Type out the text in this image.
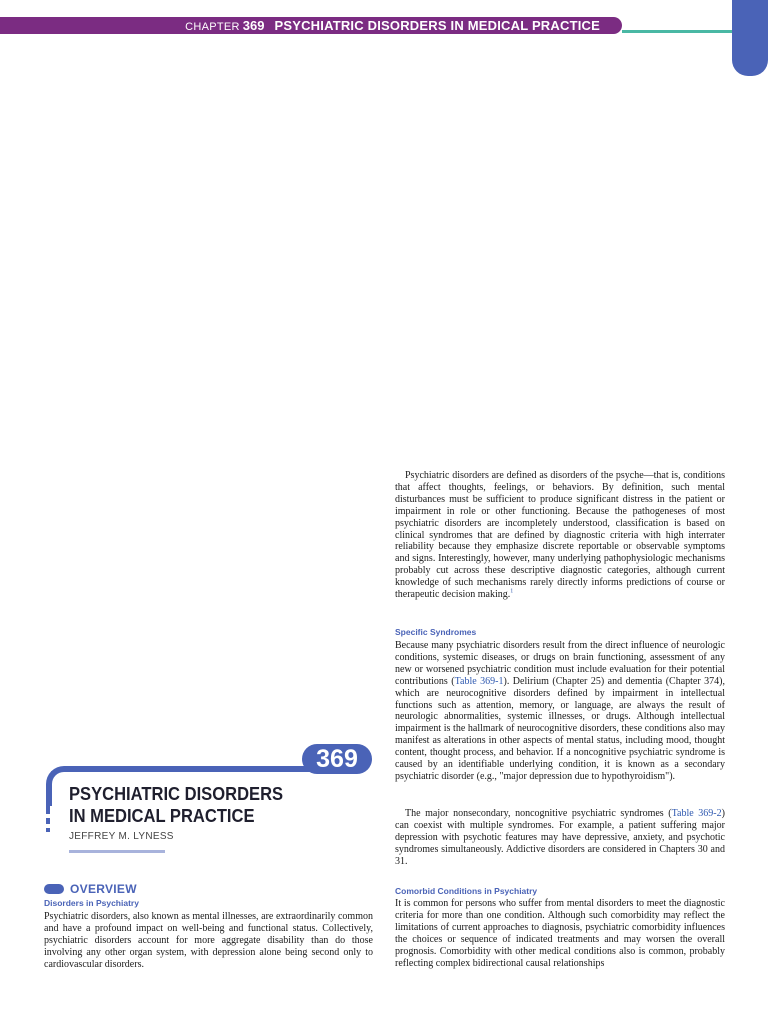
CHAPTER 369 PSYCHIATRIC DISORDERS IN MEDICAL PRACTICE	2305
369
PSYCHIATRIC DISORDERS
IN MEDICAL PRACTICE
JEFFREY M. LYNESS
OVERVIEW
Disorders in Psychiatry

Psychiatric disorders, also known as mental illnesses, are extraordinarily common and have a profound impact on well-being and functional status. Collectively, psychiatric disorders account for more aggregate disability than do those involving any other organ system, with depression alone being second only to cardiovascular disorders.

Psychiatric disorders are defined as disorders of the psyche—that is, conditions that affect thoughts, feelings, or behaviors. By definition, such mental disturbances must be sufficient to produce significant distress in the patient or impairment in role or other functioning. Because the pathogeneses of most psychiatric disorders are incompletely understood, classification is based on clinical syndromes that are defined by diagnostic criteria with high interrater reliability because they emphasize discrete reportable or observable symptoms and signs. Interestingly, however, many underlying pathophysiologic mechanisms probably cut across these descriptive diagnostic categories, although current knowledge of such mechanisms rarely directly informs predictions of course or therapeutic decision making.$^1$

Specific Syndromes

Because many psychiatric disorders result from the direct influence of neurologic conditions, systemic diseases, or drugs on brain functioning, assessment of any new or worsened psychiatric condition must include evaluation for their potential contributions (Table 369-1). Delirium (Chapter 25) and dementia (Chapter 374), which are neurocognitive disorders defined by impairment in intellectual functions such as attention, memory, or language, are always the result of neurologic abnormalities, systemic illnesses, or drugs. Although intellectual impairment is the hallmark of neurocognitive disorders, these conditions also may manifest as alterations in other aspects of mental status, including mood, thought content, thought process, and behavior. If a noncognitive psychiatric syndrome is caused by an identifiable underlying condition, it is known as a secondary psychiatric disorder (e.g., "major depression due to hypothyroidism").

The major nonsecondary, noncognitive psychiatric syndromes (Table 369-2) can coexist with multiple syndromes. For example, a patient suffering major depression with psychotic features may have depressive, anxiety, and psychotic syndromes simultaneously. Addictive disorders are considered in Chapters 30 and 31.

Comorbid Conditions in Psychiatry

It is common for persons who suffer from mental disorders to meet the diagnostic criteria for more than one condition. Although such comorbidity may reflect the limitations of current approaches to diagnosis, psychiatric comorbidity influences the choices or sequence of indicated treatments and may worsen the overall prognosis. Comorbidity with other medical conditions also is common, probably reflecting complex bidirectional causal relationships
